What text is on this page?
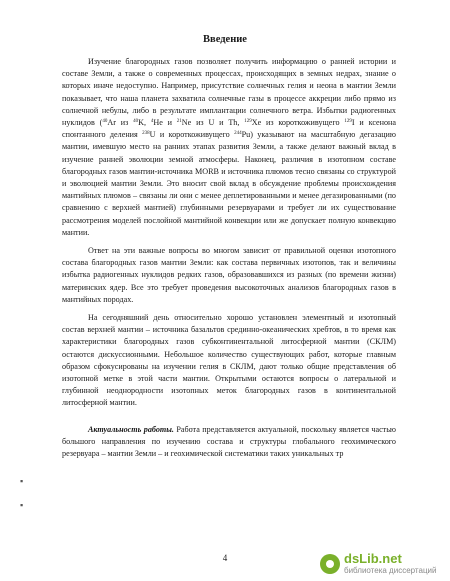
Введение

Изучение благородных газов позволяет получить информацию о ранней истории и составе Земли, а также о современных процессах, происходящих в земных недрах, знание о которых иначе недоступно. Например, присутствие солнечных гелия и неона в мантии Земли показывает, что наша планета захватила солнечные газы в процессе аккреции либо прямо из солнечной небулы, либо в результате имплантации солнечного ветра. Избытки радиогенных нуклидов ($^{40}$Ar из $^{40}$K, $^4$He и $^{21}$Ne из U и Th, $^{129}$Xe из короткоживущего $^{129}$I и ксенона спонтанного деления $^{238}$U и короткоживущего $^{244}$Pu) указывают на масштабную дегазацию мантии, имевшую место на ранних этапах развития Земли, а также делают важный вклад в изучение ранней эволюции земной атмосферы. Наконец, различия в изотопном составе благородных газов мантии-источника MORB и источника плюмов тесно связаны со структурой и эволюцией мантии Земли. Это вносит свой вклад в обсуждение проблемы происхождения мантийных плюмов – связаны ли они с менее деплетированными и менее дегазированными (по сравнению с верхней мантией) глубинными резервуарами и требует ли их существование рассмотрения моделей послойной мантийной конвекции или же допускает полную конвекцию мантии.

Ответ на эти важные вопросы во многом зависит от правильной оценки изотопного состава благородных газов мантии Земли: как состава первичных изотопов, так и величины избытка радиогенных нуклидов редких газов, образовавшихся из разных (по времени жизни) материнских ядер. Все это требует проведения высокоточных анализов благородных газов в мантийных породах.

На сегодняшний день относительно хорошо установлен элементный и изотопный состав верхней мантии – источника базальтов срединно-океанических хребтов, в то время как характеристики благородных газов субконтинентальной литосферной мантии (СКЛМ) остаются дискуссионными. Небольшое количество существующих работ, которые главным образом сфокусированы на изучении гелия в СКЛМ, дают только общие представления об изотопной метке в этой части мантии. Открытыми остаются вопросы о латеральной и глубинной неоднородности изотопных меток благородных газов в континентальной литосферной мантии.

Актуальность работы. Работа представляется актуальной, поскольку является частью большого направления по изучению состава и структуры глобального геохимического резервуара – мантии Земли – и геохимической систематики таких уникальных тр

▪
▪
4	dsLib.net
библиотека диссертаций
